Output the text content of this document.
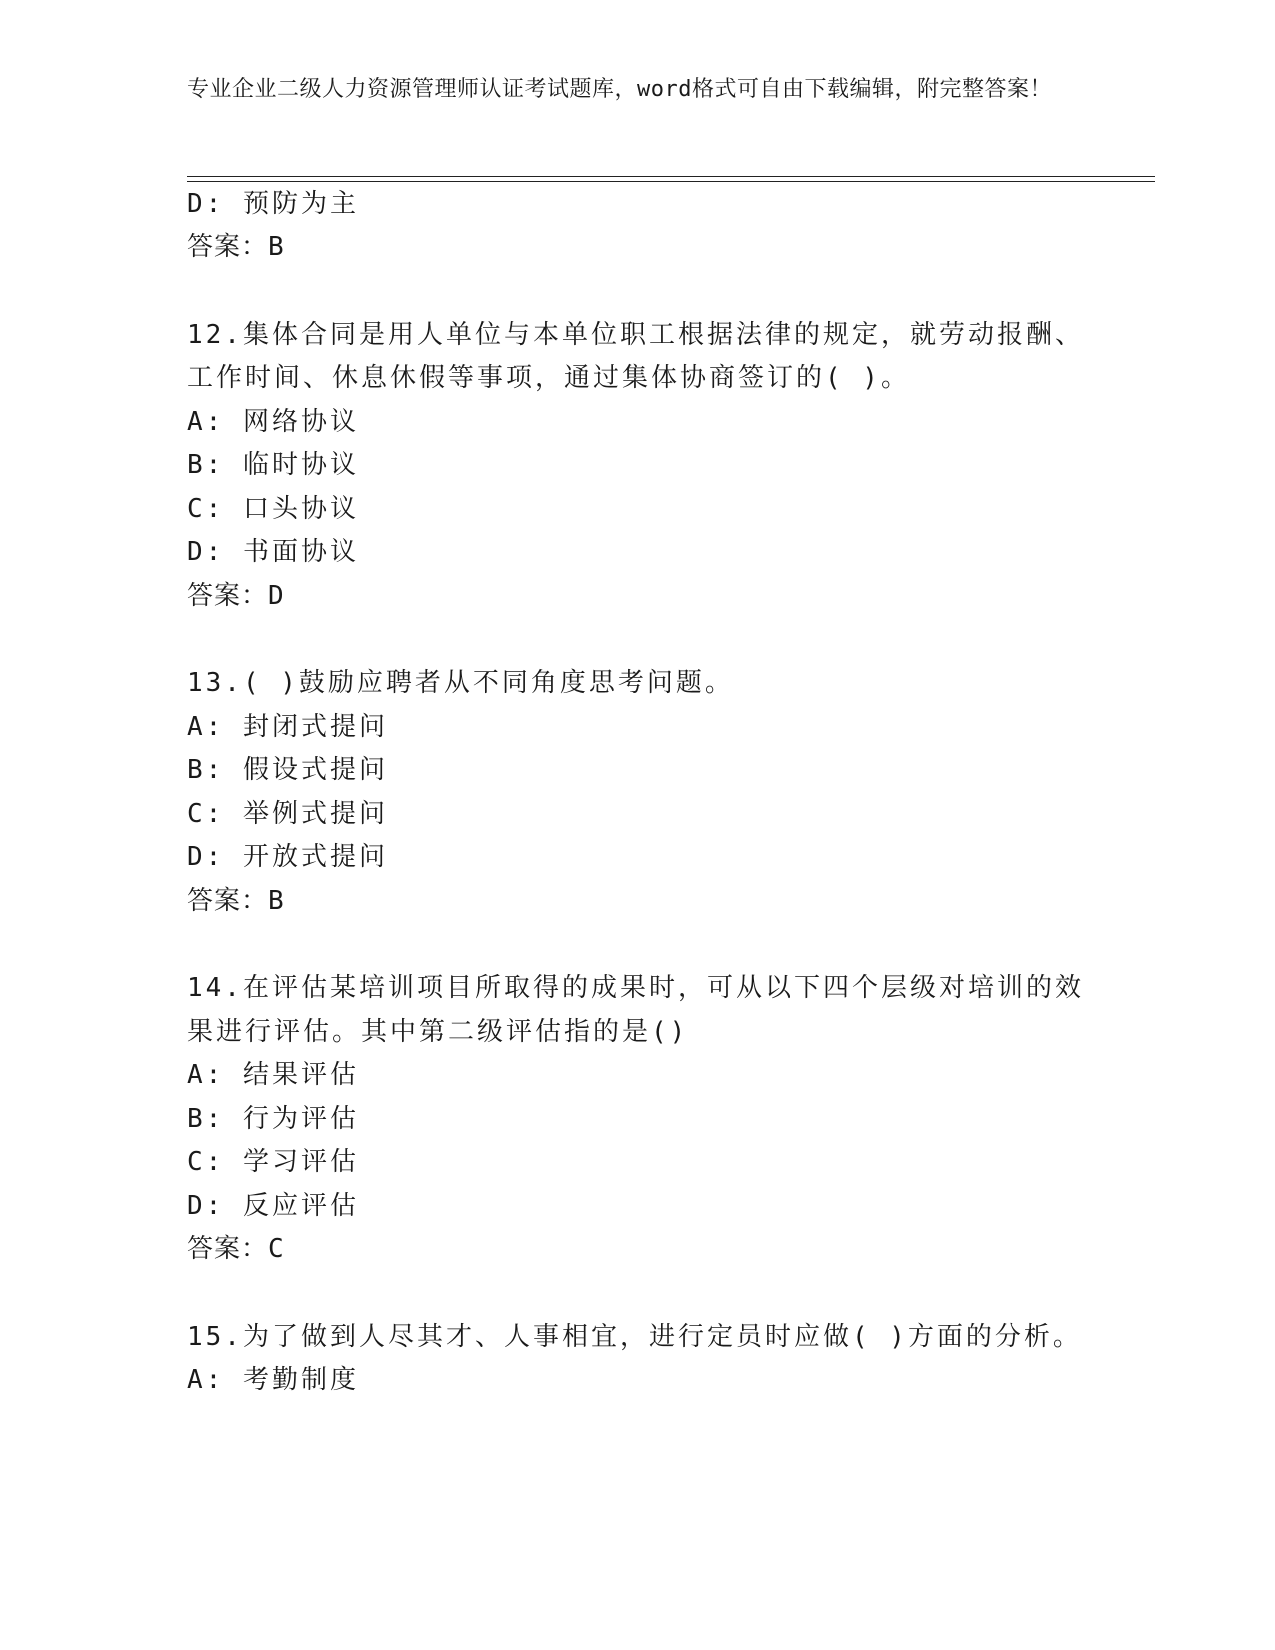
专业企业二级人力资源管理师认证考试题库，word格式可自由下载编辑，附完整答案！
D: 预防为主
答案：B
12.集体合同是用人单位与本单位职工根据法律的规定，就劳动报酬、
工作时间、休息休假等事项，通过集体协商签订的( )。
A: 网络协议
B: 临时协议
C: 口头协议
D: 书面协议
答案：D
13.( )鼓励应聘者从不同角度思考问题。
A: 封闭式提问
B: 假设式提问
C: 举例式提问
D: 开放式提问
答案：B
14.在评估某培训项目所取得的成果时，可从以下四个层级对培训的效
果进行评估。其中第二级评估指的是()
A: 结果评估
B: 行为评估
C: 学习评估
D: 反应评估
答案：C
15.为了做到人尽其才、人事相宜，进行定员时应做( )方面的分析。
A: 考勤制度
